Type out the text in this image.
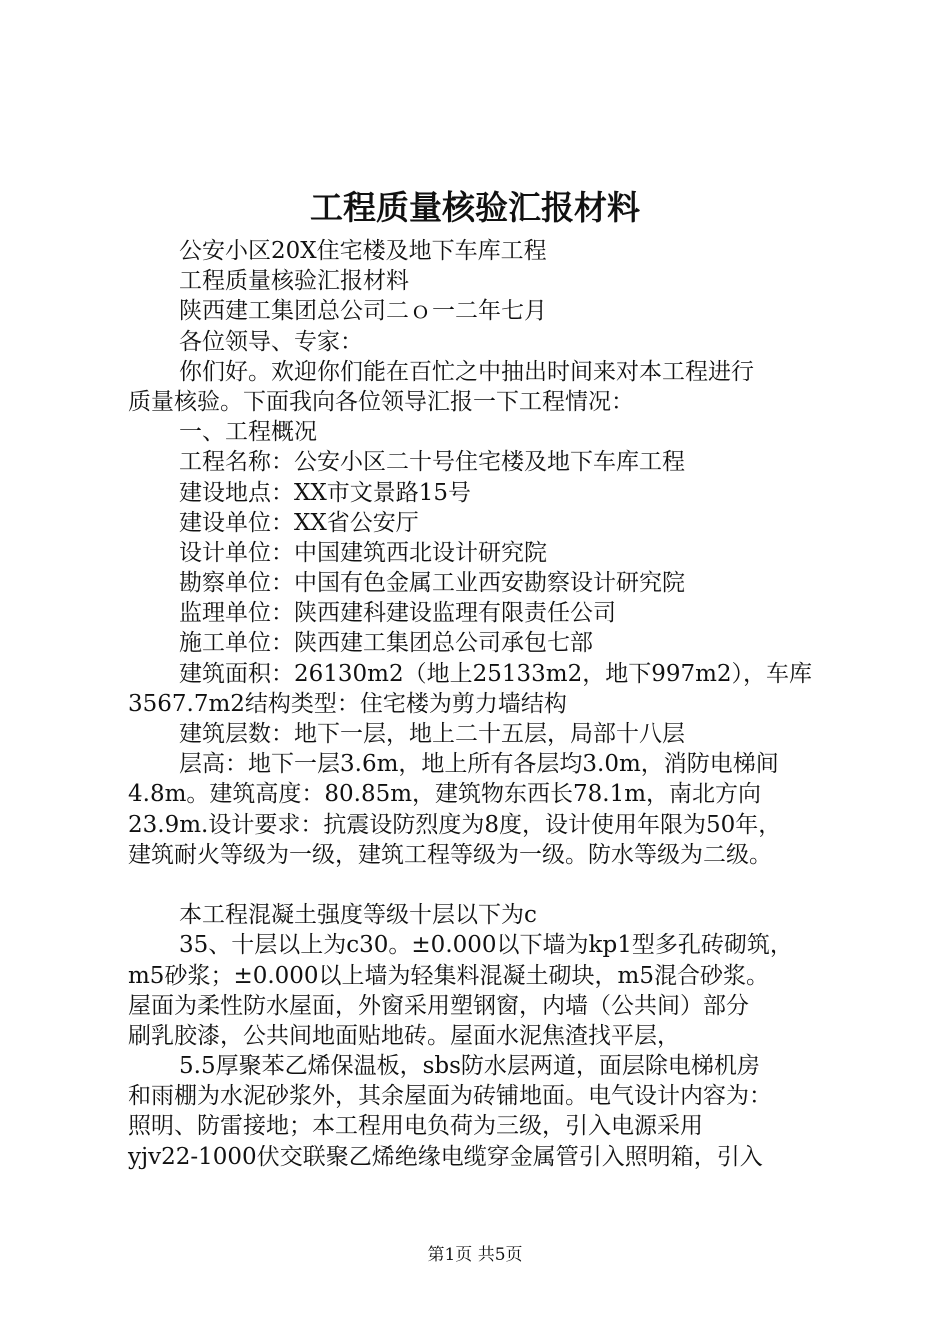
工程质量核验汇报材料
公安小区20X住宅楼及地下车库工程
工程质量核验汇报材料
陕西建工集团总公司二ｏ一二年七月
各位领导、专家：
你们好。欢迎你们能在百忙之中抽出时间来对本工程进行
质量核验。下面我向各位领导汇报一下工程情况：
一、工程概况
工程名称：公安小区二十号住宅楼及地下车库工程
建设地点：XX市文景路15号
建设单位：XX省公安厅
设计单位：中国建筑西北设计研究院
勘察单位：中国有色金属工业西安勘察设计研究院
监理单位：陕西建科建设监理有限责任公司
施工单位：陕西建工集团总公司承包七部
建筑面积：26130m2（地上25133m2，地下997m2），车库
3567.7m2结构类型：住宅楼为剪力墙结构
建筑层数：地下一层，地上二十五层，局部十八层
层高：地下一层3.6m，地上所有各层均3.0m，消防电梯间
4.8m。建筑高度：80.85m，建筑物东西长78.1m，南北方向
23.9m.设计要求：抗震设防烈度为8度，设计使用年限为50年，
建筑耐火等级为一级，建筑工程等级为一级。防水等级为二级。
本工程混凝土强度等级十层以下为c
35、十层以上为c30。±0.000以下墙为kp1型多孔砖砌筑，
m5砂浆；±0.000以上墙为轻集料混凝土砌块，m5混合砂浆。
屋面为柔性防水屋面，外窗采用塑钢窗，内墙（公共间）部分
刷乳胶漆，公共间地面贴地砖。屋面水泥焦渣找平层，
5.5厚聚苯乙烯保温板，sbs防水层两道，面层除电梯机房
和雨棚为水泥砂浆外，其余屋面为砖铺地面。电气设计内容为：
照明、防雷接地；本工程用电负荷为三级，引入电源采用
yjv22-1000伏交联聚乙烯绝缘电缆穿金属管引入照明箱，引入
第1页 共5页
